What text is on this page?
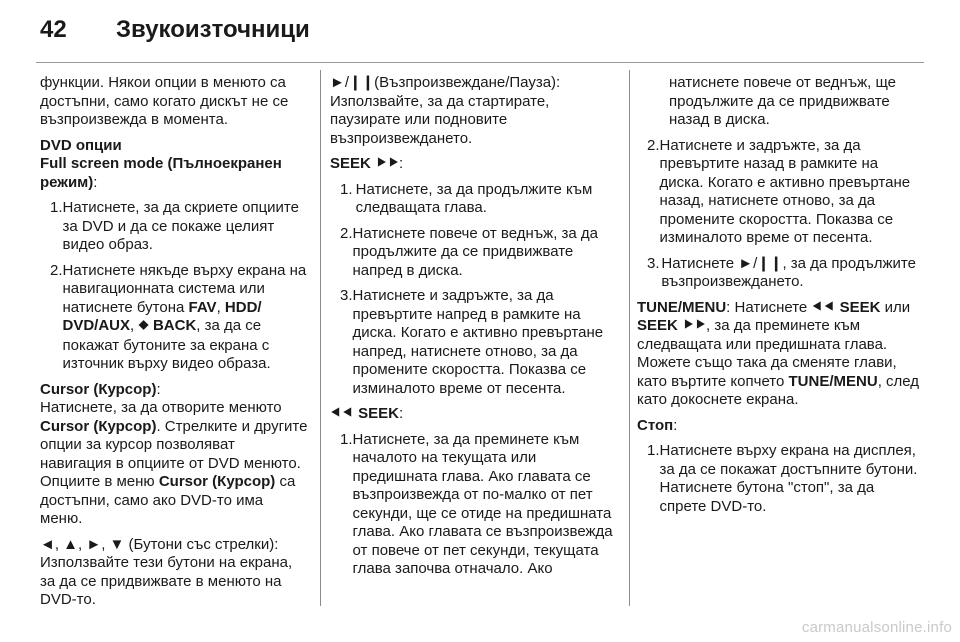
42 Звукоизточници

функции. Някои опции в менюто са достъпни, само когато дискът не се възпроизвежда в момента.

DVD опции

Full screen mode (Пълноекранен режим):

1. Натиснете, за да скриете опциите за DVD и да се покаже целият видео образ.
2. Натиснете някъде върху екрана на навигационната система или натиснете бутона FAV, HDD/ DVD/AUX, ⯁ BACK, за да се покажат бутоните за екрана с източник върху видео образа.

Cursor (Курсор):

Натиснете, за да отворите менюто Cursor (Курсор). Стрелките и другите опции за курсор позволяват навигация в опциите от DVD менюто. Опциите в меню Cursor (Курсор) са достъпни, само ако DVD-то има меню.

◄, ▲, ►, ▼ (Бутони със стрелки): Използвайте тези бутони на екрана, за да се придвижвате в менюто на DVD-то.

►/❙❙(Възпроизвеждане/Пауза): Използвайте, за да стартирате, паузирате или подновите възпроизвеждането.

SEEK ⯈⯈:

1. Натиснете, за да продължите към следващата глава.
2. Натиснете повече от веднъж, за да продължите да се придвижвате напред в диска.
3. Натиснете и задръжте, за да превъртите напред в рамките на диска. Когато е активно превъртане напред, натиснете отново, за да промените скоростта. Показва се изминалото време от песента.

⯇⯇ SEEK:

1. Натиснете, за да преминете към началото на текущата или предишната глава. Ако главата се възпроизвежда от по-малко от пет секунди, ще се отиде на предишната глава. Ако главата се възпроизвежда от повече от пет секунди, текущата глава започва отначало. Ако
натиснете повече от веднъж, ще продължите да се придвижвате назад в диска.
2. Натиснете и задръжте, за да превъртите назад в рамките на диска. Когато е активно превъртане назад, натиснете отново, за да промените скоростта. Показва се изминалото време от песента.
3. Натиснете ►/❙❙, за да продължите възпроизвеждането.

TUNE/MENU: Натиснете ⯇⯇ SEEK или SEEK ⯈⯈, за да преминете към следващата или предишната глава. Можете също така да сменяте глави, като въртите копчето TUNE/MENU, след като докоснете екрана.

Стоп:

1. Натиснете върху екрана на дисплея, за да се покажат достъпните бутони. Натиснете бутона "стоп", за да спрете DVD-то.
carmanualsonline.info
